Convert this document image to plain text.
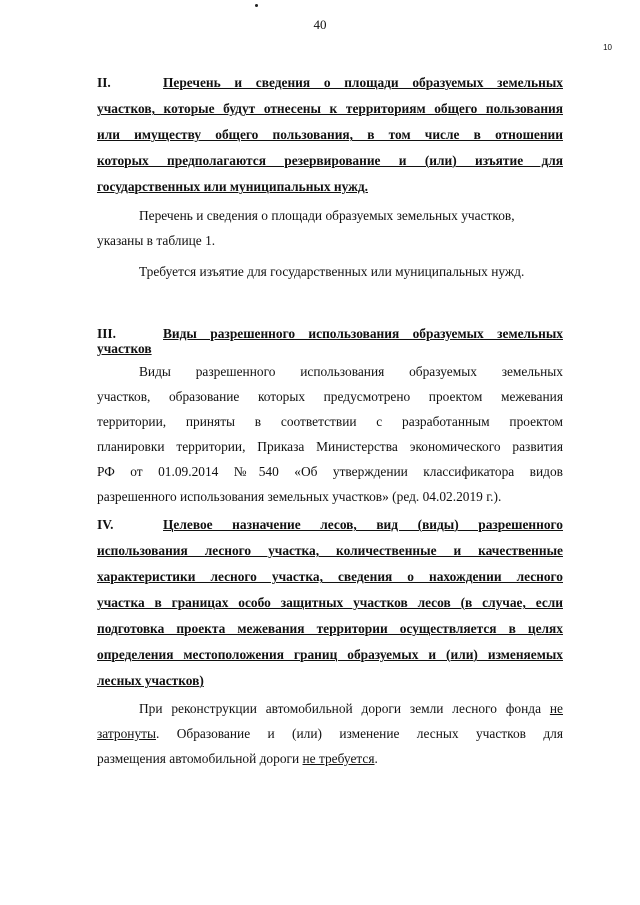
40
10
II.	Перечень и сведения о площади образуемых земельных
участков, которые будут отнесены к территориям общего пользования
или имуществу общего пользования, в том числе в отношении
которых предполагаются резервирование и (или) изъятие для
государственных или муниципальных нужд.
Перечень и сведения о площади образуемых земельных участков,
указаны в таблице 1.
Требуется изъятие для государственных или муниципальных нужд.
III.	Виды разрешенного использования образуемых земельных
участков
Виды разрешенного использования образуемых земельных
участков, образование которых предусмотрено проектом межевания
территории, приняты в соответствии с разработанным проектом
планировки территории, Приказа Министерства экономического развития
РФ от 01.09.2014 №540 «Об утверждении классификатора видов
разрешенного использования земельных участков» (ред. 04.02.2019 г.).
IV.	Целевое назначение лесов, вид (виды) разрешенного
использования лесного участка, количественные и качественные
характеристики лесного участка, сведения о нахождении лесного
участка в границах особо защитных участков лесов (в случае, если
подготовка проекта межевания территории осуществляется в целях
определения местоположения границ образуемых и (или) изменяемых
лесных участков)
При реконструкции автомобильной дороги земли лесного фонда не
затронуты. Образование и (или) изменение лесных участков для
размещения автомобильной дороги не требуется.
